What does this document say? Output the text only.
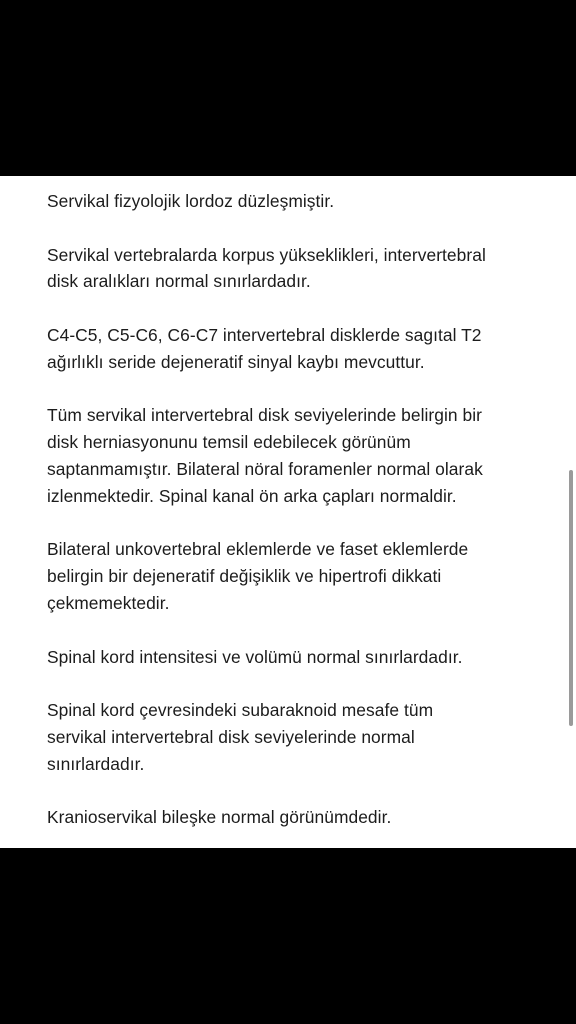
Servikal fizyolojik lordoz düzleşmiştir.

Servikal vertebralarda korpus yükseklikleri, intervertebral
disk aralıkları normal sınırlardadır.

C4-C5, C5-C6, C6-C7 intervertebral disklerde sagıtal T2
ağırlıklı seride dejeneratif sinyal kaybı mevcuttur.

Tüm servikal intervertebral disk seviyelerinde belirgin bir
disk herniasyonunu temsil edebilecek görünüm
saptanmamıştır. Bilateral nöral foramenler normal olarak
izlenmektedir. Spinal kanal ön arka çapları normaldir.

Bilateral unkovertebral eklemlerde ve faset eklemlerde
belirgin bir dejeneratif değişiklik ve hipertrofi dikkati
çekmemektedir.

Spinal kord intensitesi ve volümü normal sınırlardadır.

Spinal kord çevresindeki subaraknoid mesafe tüm
servikal intervertebral disk seviyelerinde normal
sınırlardadır.

Kranioservikal bileşke normal görünümdedir.
